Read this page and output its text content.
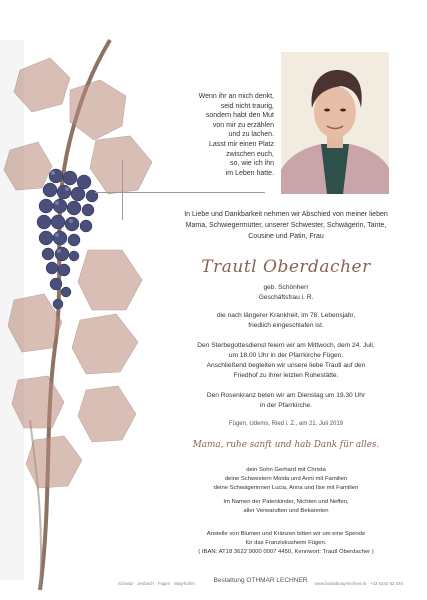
Wenn ihr an mich denkt,
seid nicht traurig,
sondern habt den Mut
von mir zu erzählen
und zu lachen.
Lasst mir einen Platz
zwischen euch,
so, wie ich ihn
im Leben hatte.
In Liebe und Dankbarkeit nehmen wir Abschied von meiner lieben
Mama, Schwiegermutter, unserer Schwester, Schwägerin, Tante,
Cousine und Patin, Frau
Trautl Oberdacher
geb. Schönherr
Geschäftsfrau i. R.
die nach längerer Krankheit, im 78. Lebensjahr,
friedlich eingeschlafen ist.
Den Sterbegottesdienst feiern wir am Mittwoch, dem 24. Juli,
um 18.00 Uhr in der Pfarrkirche Fügen.
Anschließend begleiten wir unsere liebe Trautl auf den
Friedhof zu ihrer letzten Ruhestätte.
Den Rosenkranz beten wir am Dienstag um 19.30 Uhr
in der Pfarrkirche.
Fügen, Udems, Ried i. Z., am 21. Juli 2019
Mama, ruhe sanft und hab Dank für alles.
dein Sohn Gerhard mit Christa
deine Schwestern Moida und Anni mit Familien
deine Schwägerinnen Lucia, Anna und Ilse mit Familien
Im Namen der Patenkinder, Nichten und Neffen,
aller Verwandten und Bekannten
Anstelle von Blumen und Kränzen bitten wir um eine Spende
für das Franziskusheim Fügen.
( IBAN: AT18 3622 9000 0007 4450, Kennwort: Trautl Oberdacher )
Schwaz · Jenbach · Fügen · Mayrhofen	Bestattung OTHMAR LECHNER	www.bestattung-lechner.at · +43 5242 62 346
